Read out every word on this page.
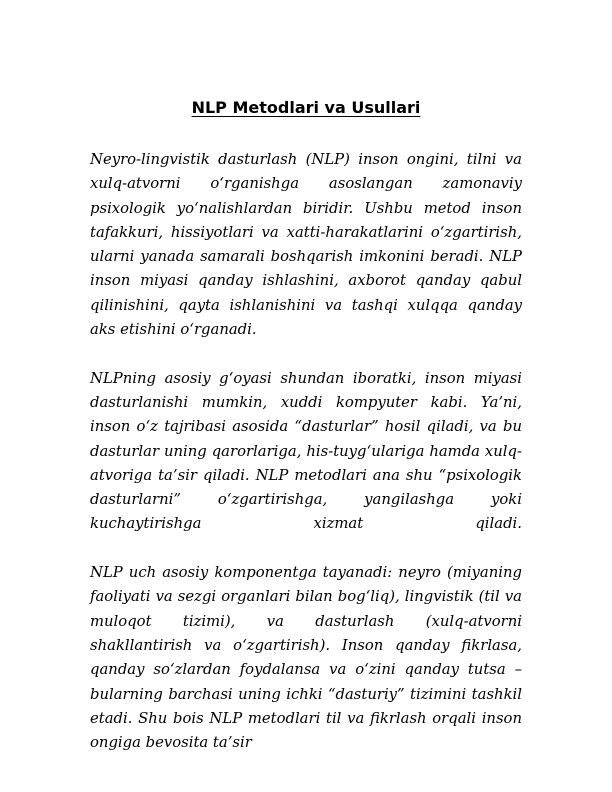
NLP Metodlari va Usullari

Neyro-lingvistik dasturlash (NLP) inson ongini, tilni va xulq-atvorni o‘rganishga asoslangan zamonaviy psixologik yo‘nalishlardan biridir. Ushbu metod inson tafakkuri, hissiyotlari va xatti-harakatlarini o‘zgartirish, ularni yanada samarali boshqarish imkonini beradi. NLP inson miyasi qanday ishlashini, axborot qanday qabul qilinishini, qayta ishlanishini va tashqi xulqqa qanday aks etishini o‘rganadi.

NLPning asosiy g‘oyasi shundan iboratki, inson miyasi dasturlanishi mumkin, xuddi kompyuter kabi. Ya’ni, inson o‘z tajribasi asosida “dasturlar” hosil qiladi, va bu dasturlar uning qarorlariga, his-tuyg‘ulariga hamda xulq-atvoriga ta’sir qiladi. NLP metodlari ana shu “psixologik dasturlarni” o‘zgartirishga, yangilashga yoki kuchaytirishga xizmat qiladi.

NLP uch asosiy komponentga tayanadi: neyro (miyaning faoliyati va sezgi organlari bilan bog‘liq), lingvistik (til va muloqot tizimi), va dasturlash (xulq-atvorni shakllantirish va o‘zgartirish). Inson qanday fikrlasa, qanday so‘zlardan foydalansa va o‘zini qanday tutsa – bularning barchasi uning ichki “dasturiy” tizimini tashkil etadi. Shu bois NLP metodlari til va fikrlash orqali inson ongiga bevosita ta’sir
